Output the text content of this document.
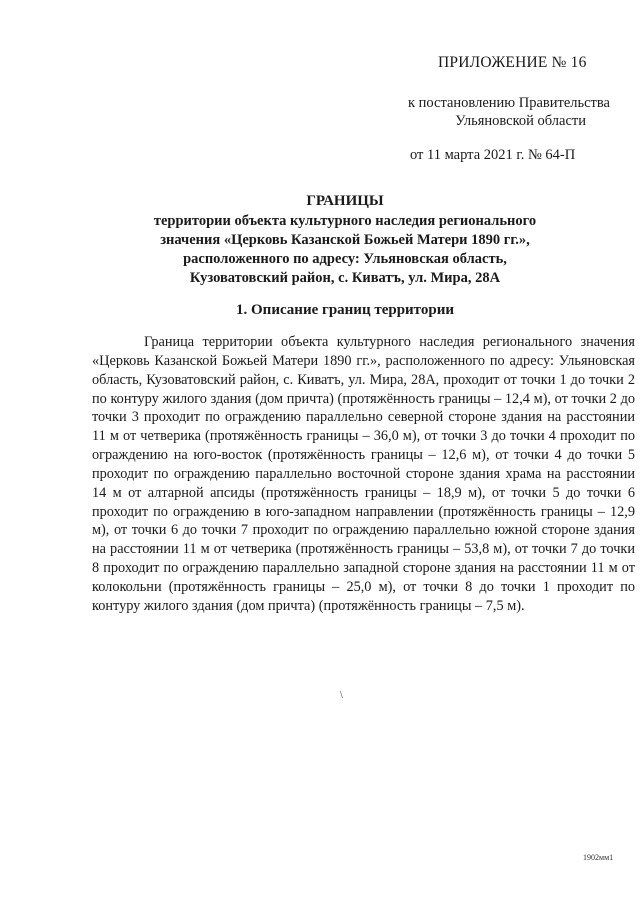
ПРИЛОЖЕНИЕ № 16
к постановлению Правительства
Ульяновской области
от 11 марта 2021 г. № 64-П
ГРАНИЦЫ
территории объекта культурного наследия регионального
значения «Церковь Казанской Божьей Матери 1890 гг.»,
расположенного по адресу: Ульяновская область,
Кузоватовский район, с. Киватъ, ул. Мира, 28А
1. Описание границ территории

Граница территории объекта культурного наследия регионального значения «Церковь Казанской Божьей Матери 1890 гг.», расположенного по адресу: Ульяновская область, Кузоватовский район, с. Киватъ, ул. Мира, 28А, проходит от точки 1 до точки 2 по контуру жилого здания (дом причта) (протяжённость границы – 12,4 м), от точки 2 до точки 3 проходит по ограждению параллельно северной стороне здания на расстоянии 11 м от четверика (протяжённость границы – 36,0 м), от точки 3 до точки 4 проходит по ограждению на юго-восток (протяжённость границы – 12,6 м), от точки 4 до точки 5 проходит по ограждению параллельно восточной стороне здания храма на расстоянии 14 м от алтарной апсиды (протяжённость границы – 18,9 м), от точки 5 до точки 6 проходит по ограждению в юго-западном направлении (протяжённость границы – 12,9 м), от точки 6 до точки 7 проходит по ограждению параллельно южной стороне здания на расстоянии 11 м от четверика (протяжённость границы – 53,8 м), от точки 7 до точки 8 проходит по ограждению параллельно западной стороне здания на расстоянии 11 м от колокольни (протяжённость границы – 25,0 м), от точки 8 до точки 1 проходит по контуру жилого здания (дом причта) (протяжённость границы – 7,5 м).

\
1902мм1
